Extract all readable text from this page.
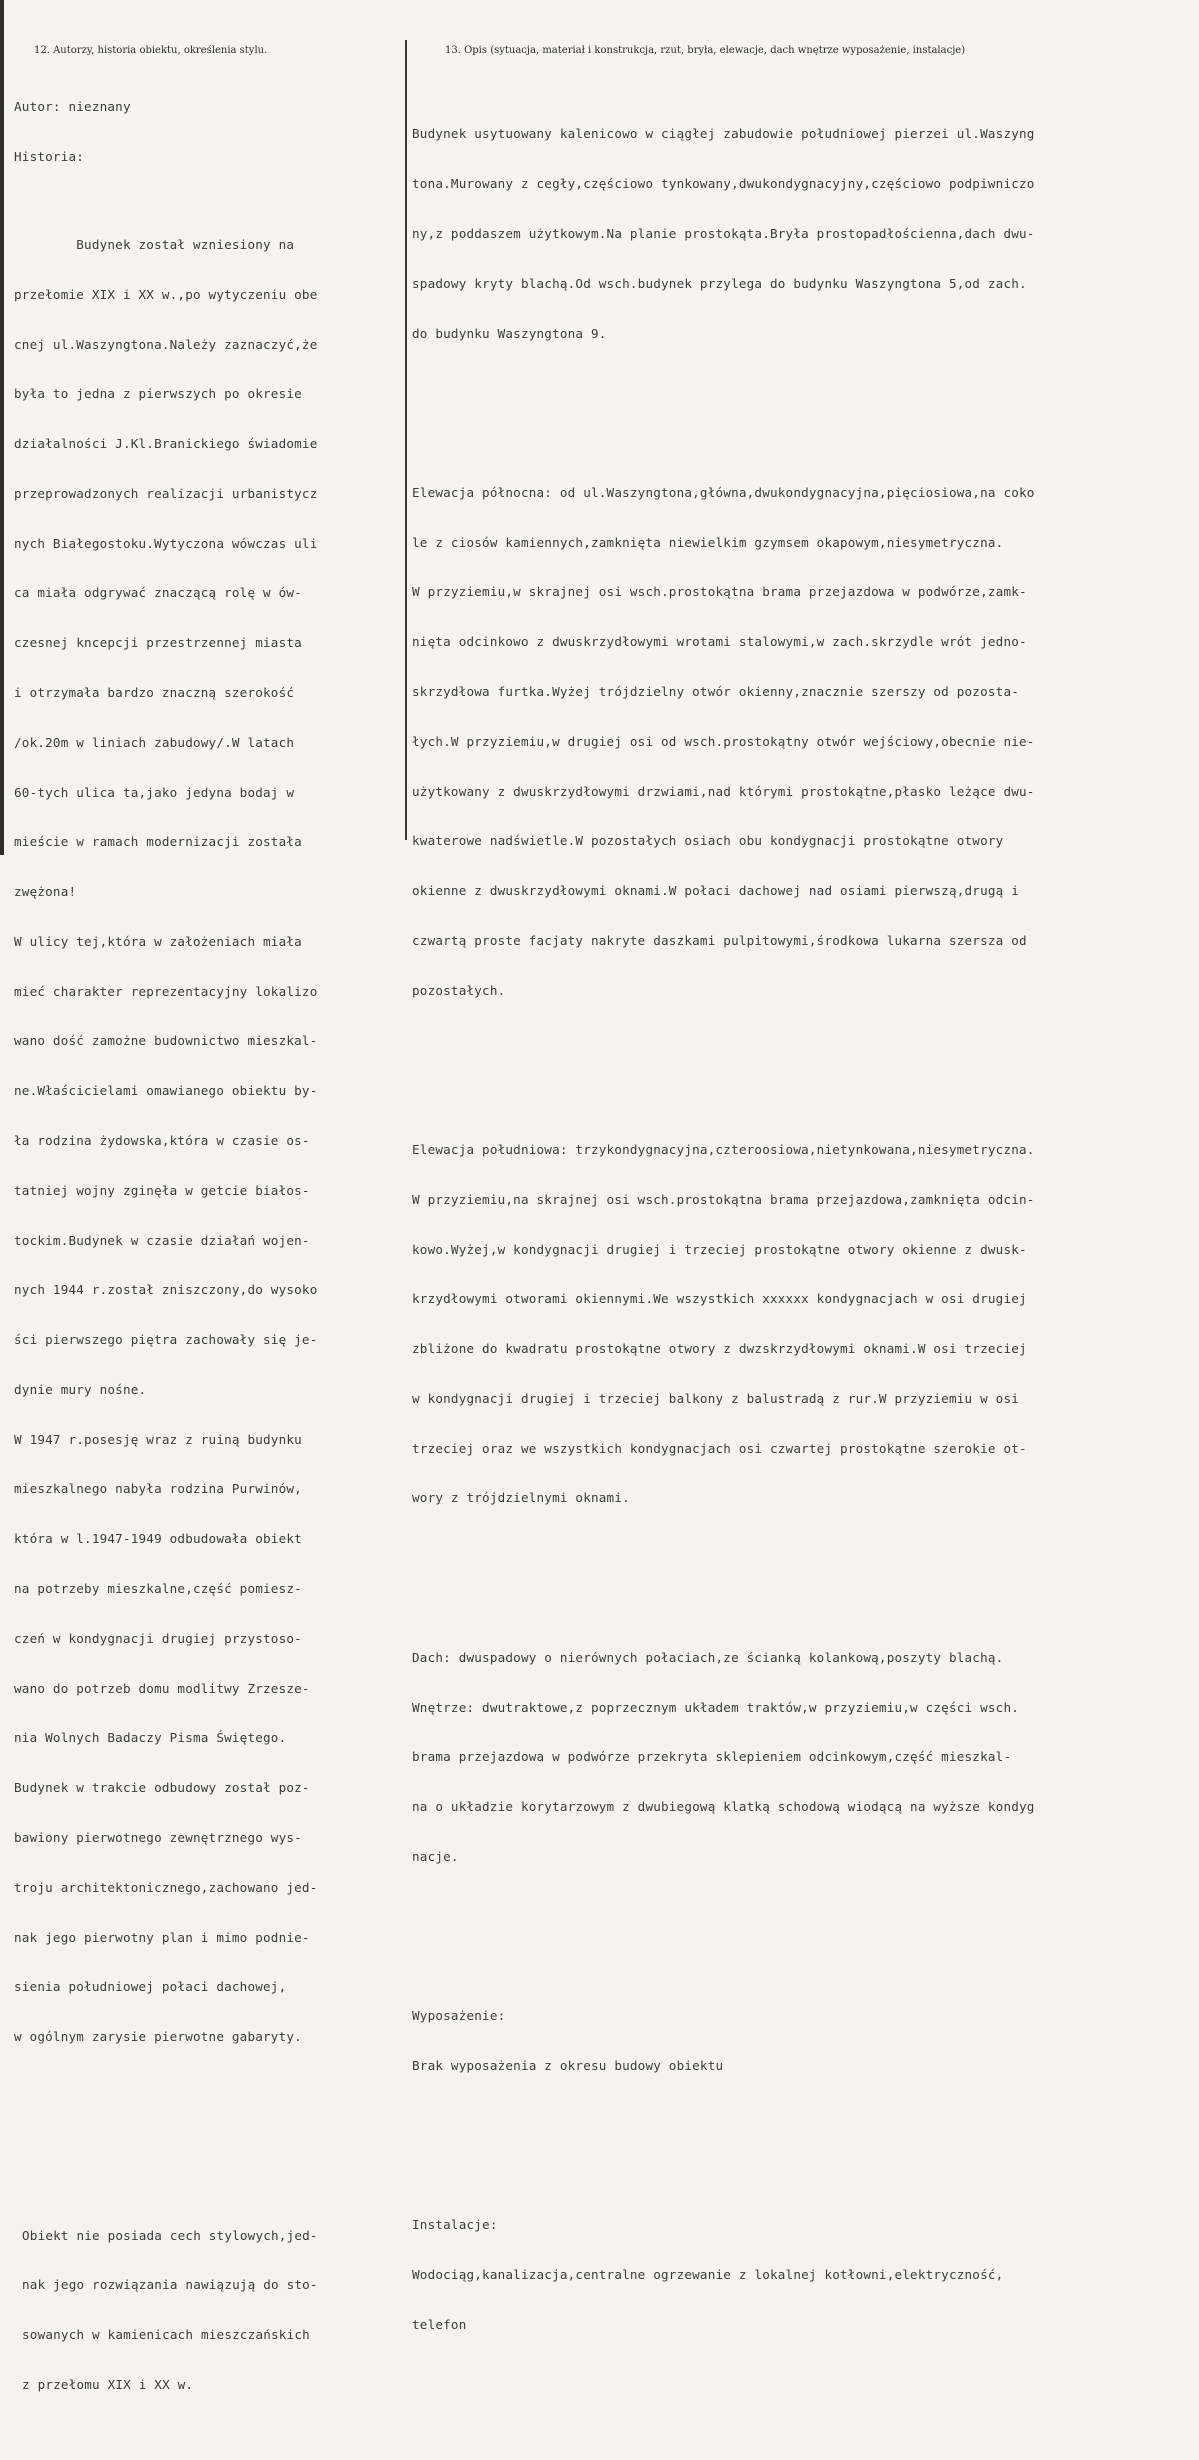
12. Autorzy, historia obiektu, określenia stylu.	13. Opis (sytuacja, materiał i konstrukcja, rzut, bryła, elewacje, dach wnętrze wyposażenie, instalacje)

Autor: nieznany

Historia:

Budynek został wzniesiony na

przełomie XIX i XX w.,po wytyczeniu obe

cnej ul.Waszyngtona.Należy zaznaczyć,że

była to jedna z pierwszych po okresie

działalności J.Kl.Branickiego świadomie

przeprowadzonych realizacji urbanistycz

nych Białegostoku.Wytyczona wówczas uli

ca miała odgrywać znaczącą rolę w ów-

czesnej kncepcji przestrzennej miasta

i otrzymała bardzo znaczną szerokość

/ok.20m w liniach zabudowy/.W latach

60-tych ulica ta,jako jedyna bodaj w

mieście w ramach modernizacji została

zwężona!

W ulicy tej,która w założeniach miała

mieć charakter reprezentacyjny lokalizo

wano dość zamożne budownictwo mieszkal-

ne.Właścicielami omawianego obiektu by-

ła rodzina żydowska,która w czasie os-

tatniej wojny zginęła w getcie białos-

tockim.Budynek w czasie działań wojen-

nych 1944 r.został zniszczony,do wysoko

ści pierwszego piętra zachowały się je-

dynie mury nośne.

W 1947 r.posesję wraz z ruiną budynku

mieszkalnego nabyła rodzina Purwinów,

która w l.1947-1949 odbudowała obiekt

na potrzeby mieszkalne,część pomiesz-

czeń w kondygnacji drugiej przystoso-

wano do potrzeb domu modlitwy Zrzesze-

nia Wolnych Badaczy Pisma Świętego.

Budynek w trakcie odbudowy został poz-

bawiony pierwotnego zewnętrznego wys-

troju architektonicznego,zachowano jed-

nak jego pierwotny plan i mimo podnie-

sienia południowej połaci dachowej,

w ogólnym zarysie pierwotne gabaryty.

Obiekt nie posiada cech stylowych,jed-

nak jego rozwiązania nawiązują do sto-

sowanych w kamienicach mieszczańskich

z przełomu XIX i XX w.

Budynek usytuowany kalenicowo w ciągłej zabudowie południowej pierzei ul.Waszyng

tona.Murowany z cegły,częściowo tynkowany,dwukondygnacyjny,częściowo podpiwniczo

ny,z poddaszem użytkowym.Na planie prostokąta.Bryła prostopadłościenna,dach dwu-

spadowy kryty blachą.Od wsch.budynek przylega do budynku Waszyngtona 5,od zach.

do budynku Waszyngtona 9.

Elewacja północna: od ul.Waszyngtona,główna,dwukondygnacyjna,pięciosiowa,na coko

le z ciosów kamiennych,zamknięta niewielkim gzymsem okapowym,niesymetryczna.

W przyziemiu,w skrajnej osi wsch.prostokątna brama przejazdowa w podwórze,zamk-

nięta odcinkowo z dwuskrzydłowymi wrotami stalowymi,w zach.skrzydle wrót jedno-

skrzydłowa furtka.Wyżej trójdzielny otwór okienny,znacznie szerszy od pozosta-

łych.W przyziemiu,w drugiej osi od wsch.prostokątny otwór wejściowy,obecnie nie-

użytkowany z dwuskrzydłowymi drzwiami,nad którymi prostokątne,płasko leżące dwu-

kwaterowe nadświetle.W pozostałych osiach obu kondygnacji prostokątne otwory

okienne z dwuskrzydłowymi oknami.W połaci dachowej nad osiami pierwszą,drugą i

czwartą proste facjaty nakryte daszkami pulpitowymi,środkowa lukarna szersza od

pozostałych.

Elewacja południowa: trzykondygnacyjna,czteroosiowa,nietynkowana,niesymetryczna.

W przyziemiu,na skrajnej osi wsch.prostokątna brama przejazdowa,zamknięta odcin-

kowo.Wyżej,w kondygnacji drugiej i trzeciej prostokątne otwory okienne z dwusk-

krzydłowymi otworami okiennymi.We wszystkich xxxxxx kondygnacjach w osi drugiej

zbliżone do kwadratu prostokątne otwory z dwzskrzydłowymi oknami.W osi trzeciej

w kondygnacji drugiej i trzeciej balkony z balustradą z rur.W przyziemiu w osi

trzeciej oraz we wszystkich kondygnacjach osi czwartej prostokątne szerokie ot-

wory z trójdzielnymi oknami.

Dach: dwuspadowy o nierównych połaciach,ze ścianką kolankową,poszyty blachą.

Wnętrze: dwutraktowe,z poprzecznym układem traktów,w przyziemiu,w części wsch.

brama przejazdowa w podwórze przekryta sklepieniem odcinkowym,część mieszkal-

na o układzie korytarzowym z dwubiegową klatką schodową wiodącą na wyższe kondyg

nacje.

Wyposażenie:

Brak wyposażenia z okresu budowy obiektu

Instalacje:

Wodociąg,kanalizacja,centralne ogrzewanie z lokalnej kotłowni,elektryczność,

telefon
